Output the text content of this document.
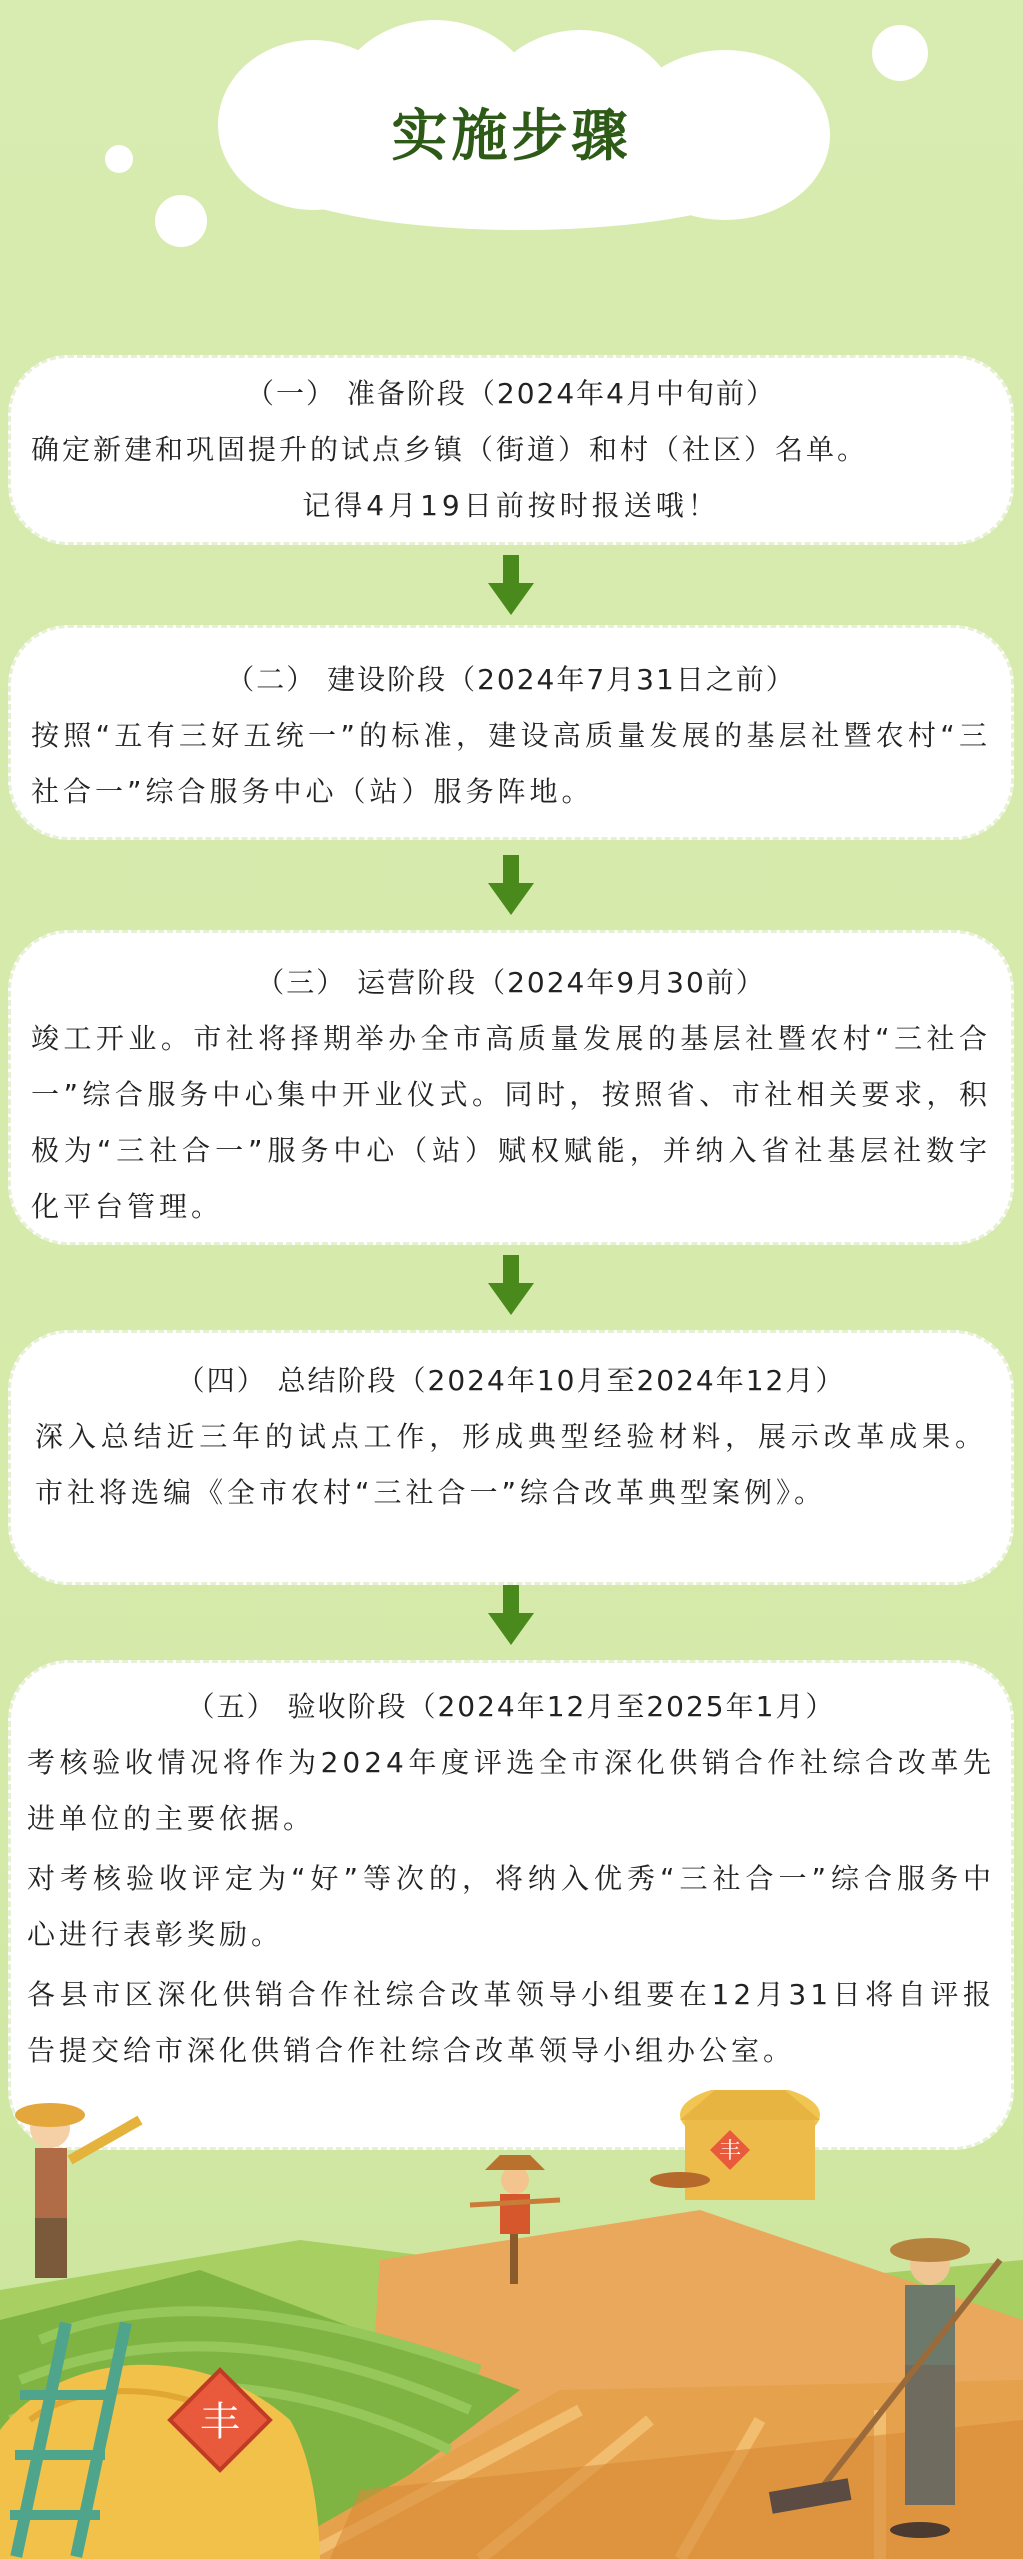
实施步骤
（一） 准备阶段（2024年4月中旬前）

确定新建和巩固提升的试点乡镇（街道）和村（社区）名单。

记得4月19日前按时报送哦！

（二） 建设阶段（2024年7月31日之前）

按照“五有三好五统一”的标准，建设高质量发展的基层社暨农村“三社合一”综合服务中心（站）服务阵地。

（三） 运营阶段（2024年9月30前）

竣工开业。市社将择期举办全市高质量发展的基层社暨农村“三社合一”综合服务中心集中开业仪式。同时，按照省、市社相关要求，积极为“三社合一”服务中心（站）赋权赋能，并纳入省社基层社数字化平台管理。

（四） 总结阶段（2024年10月至2024年12月）

深入总结近三年的试点工作，形成典型经验材料，展示改革成果。市社将选编《全市农村“三社合一”综合改革典型案例》。

（五） 验收阶段（2024年12月至2025年1月）

考核验收情况将作为2024年度评选全市深化供销合作社综合改革先进单位的主要依据。

对考核验收评定为“好”等次的，将纳入优秀“三社合一”综合服务中心进行表彰奖励。

各县市区深化供销合作社综合改革领导小组要在12月31日将自评报告提交给市深化供销合作社综合改革领导小组办公室。

丰
丰
